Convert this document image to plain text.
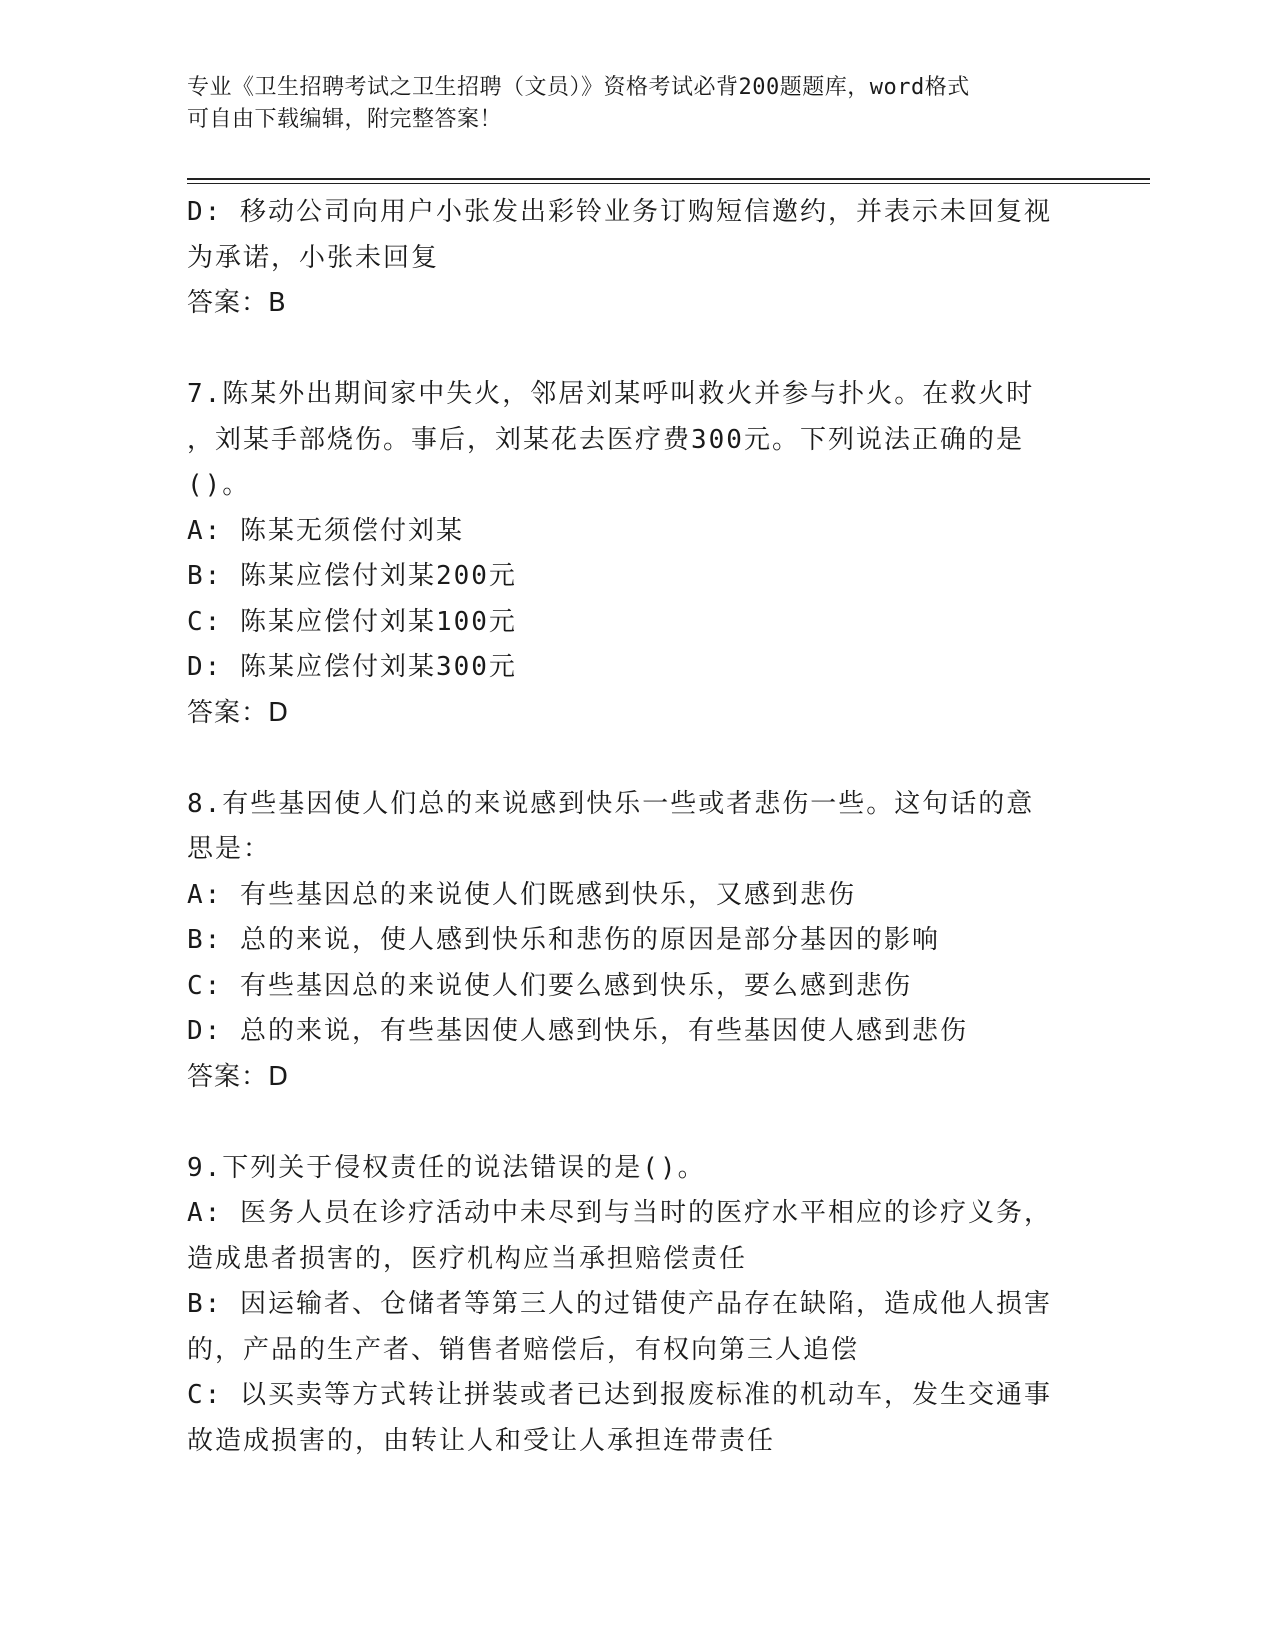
专业《卫生招聘考试之卫生招聘（文员）》资格考试必背200题题库，word格式
可自由下载编辑，附完整答案！
D: 移动公司向用户小张发出彩铃业务订购短信邀约，并表示未回复视
为承诺，小张未回复
答案：B
7.陈某外出期间家中失火，邻居刘某呼叫救火并参与扑火。在救火时
，刘某手部烧伤。事后，刘某花去医疗费300元。下列说法正确的是
()。
A: 陈某无须偿付刘某
B: 陈某应偿付刘某200元
C: 陈某应偿付刘某100元
D: 陈某应偿付刘某300元
答案：D
8.有些基因使人们总的来说感到快乐一些或者悲伤一些。这句话的意
思是：
A: 有些基因总的来说使人们既感到快乐，又感到悲伤
B: 总的来说，使人感到快乐和悲伤的原因是部分基因的影响
C: 有些基因总的来说使人们要么感到快乐，要么感到悲伤
D: 总的来说，有些基因使人感到快乐，有些基因使人感到悲伤
答案：D
9.下列关于侵权责任的说法错误的是()。
A: 医务人员在诊疗活动中未尽到与当时的医疗水平相应的诊疗义务，
造成患者损害的，医疗机构应当承担赔偿责任
B: 因运输者、仓储者等第三人的过错使产品存在缺陷，造成他人损害
的，产品的生产者、销售者赔偿后，有权向第三人追偿
C: 以买卖等方式转让拼装或者已达到报废标准的机动车，发生交通事
故造成损害的，由转让人和受让人承担连带责任
